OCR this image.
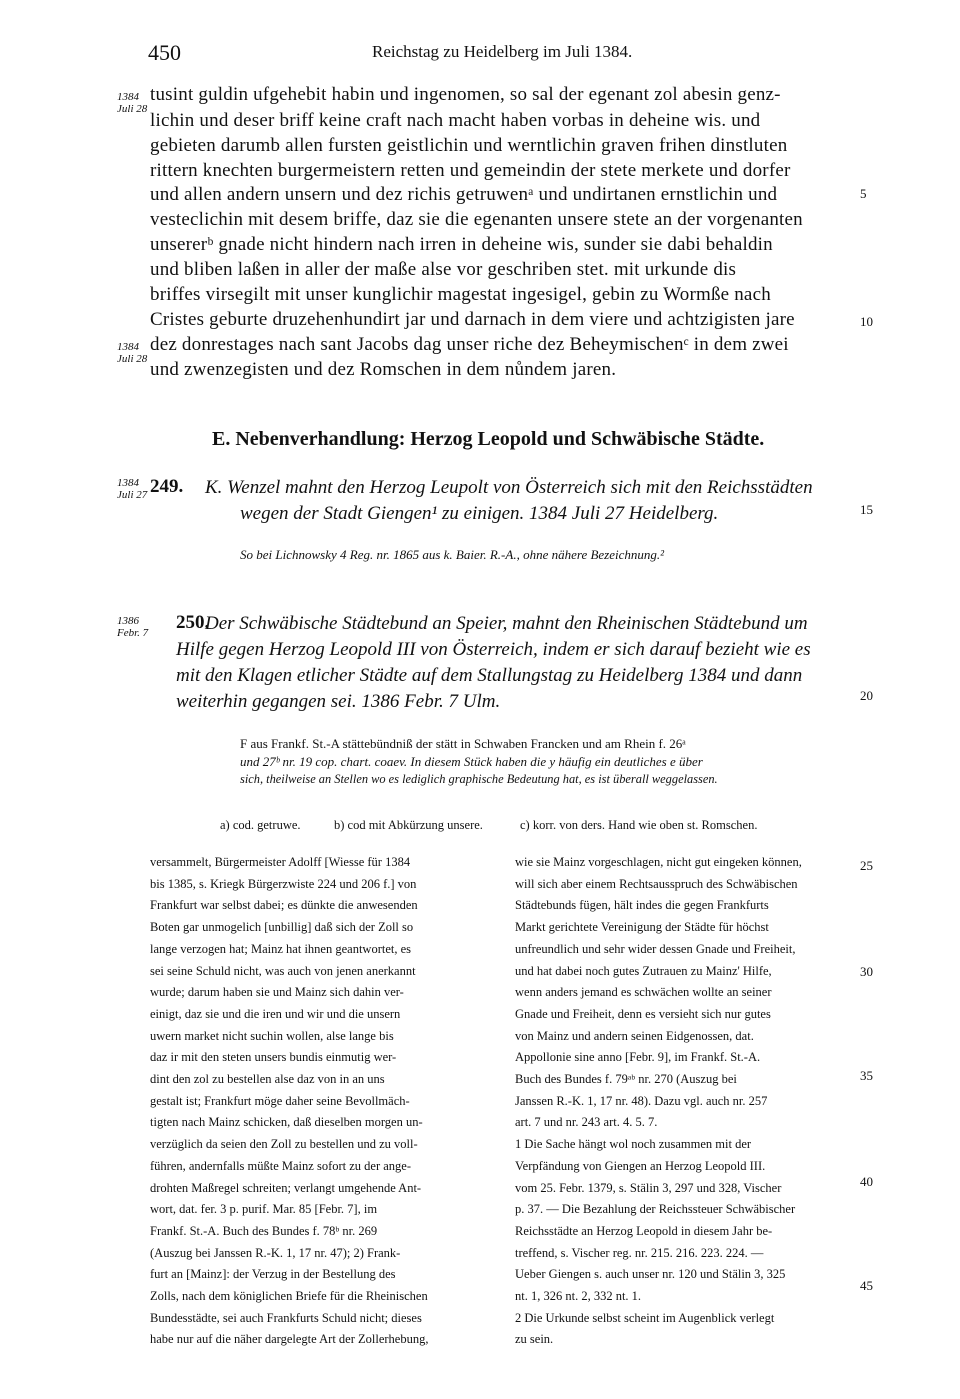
450	Reichstag zu Heidelberg im Juli 1384.
1384
Juli 28
1384
Juli 28
1384
Juli 27
1386
Febr. 7
5
10
15
20
25
30
35
40
45
tusint guldin ufgehebit habin und ingenomen, so sal der egenant zol abesin genz-
lichin und deser briff keine craft nach macht haben vorbas in deheine wis. und
gebieten darumb allen fursten geistlichin und werntlichin graven frihen dinstluten
rittern knechten burgermeistern retten und gemeindin der stete merkete und dorfer
und allen andern unsern und dez richis getruwenᵃ und undirtanen ernstlichin und
vesteclichin mit desem briffe, daz sie die egenanten unsere stete an der vorgenanten
unsererᵇ gnade nicht hindern nach irren in deheine wis, sunder sie dabi behaldin
und bliben laßen in aller der maße alse vor geschriben stet. mit urkunde dis
briffes virsegilt mit unser kunglichir magestat ingesigel, gebin zu Wormße nach
Cristes geburte druzehenhundirt jar und darnach in dem viere und achtzigisten jare
dez donrestages nach sant Jacobs dag unser riche dez Beheymischenᶜ in dem zwei
und zwenzegisten und dez Romschen in dem nůndem jaren.
E. Nebenverhandlung: Herzog Leopold und Schwäbische Städte.
249. K. Wenzel mahnt den Herzog Leupolt von Österreich sich mit den Reichsstädten
wegen der Stadt Giengen¹ zu einigen. 1384 Juli 27 Heidelberg.
So bei Lichnowsky 4 Reg. nr. 1865 aus k. Baier. R.-A., ohne nähere Bezeichnung.²
250.
Der Schwäbische Städtebund an Speier, mahnt den Rheinischen Städtebund um
Hilfe gegen Herzog Leopold III von Österreich, indem er sich darauf bezieht wie es
mit den Klagen etlicher Städte auf dem Stallungstag zu Heidelberg 1384 und dann
weiterhin gegangen sei. 1386 Febr. 7 Ulm.
F aus Frankf. St.-A stättebündniß der stätt in Schwaben Francken und am Rhein f. 26ᵃ
und 27ᵇ nr. 19 cop. chart. coaev. In diesem Stück haben die y häufig ein deutliches e über
sich, theilweise an Stellen wo es lediglich graphische Bedeutung hat, es ist überall weggelassen.
a) cod. getruwe.	b) cod mit Abkürzung unsere.	c) korr. von ders. Hand wie oben st. Romschen.
versammelt, Bürgermeister Adolff [Wiesse für 1384
bis 1385, s. Kriegk Bürgerzwiste 224 und 206 f.] von
Frankfurt war selbst dabei; es dünkte die anwesenden
Boten gar unmogelich [unbillig] daß sich der Zoll so
lange verzogen hat; Mainz hat ihnen geantwortet, es
sei seine Schuld nicht, was auch von jenen anerkannt
wurde; darum haben sie und Mainz sich dahin ver-
einigt, daz sie und die iren und wir und die unsern
uwern market nicht suchin wollen, alse lange bis
daz ir mit den steten unsers bundis einmutig wer-
dint den zol zu bestellen alse daz von in an uns
gestalt ist; Frankfurt möge daher seine Bevollmäch-
tigten nach Mainz schicken, daß dieselben morgen un-
verzüglich da seien den Zoll zu bestellen und zu voll-
führen, andernfalls müßte Mainz sofort zu der ange-
drohten Maßregel schreiten; verlangt umgehende Ant-
wort, dat. fer. 3 p. purif. Mar. 85 [Febr. 7], im
Frankf. St.-A. Buch des Bundes f. 78ᵇ nr. 269
(Auszug bei Janssen R.-K. 1, 17 nr. 47); 2) Frank-
furt an [Mainz]: der Verzug in der Bestellung des
Zolls, nach dem königlichen Briefe für die Rheinischen
Bundesstädte, sei auch Frankfurts Schuld nicht; dieses
habe nur auf die näher dargelegte Art der Zollerhebung,
wie sie Mainz vorgeschlagen, nicht gut eingeken können,
will sich aber einem Rechtsausspruch des Schwäbischen
Städtebunds fügen, hält indes die gegen Frankfurts
Markt gerichtete Vereinigung der Städte für höchst
unfreundlich und sehr wider dessen Gnade und Freiheit,
und hat dabei noch gutes Zutrauen zu Mainz' Hilfe,
wenn anders jemand es schwächen wollte an seiner
Gnade und Freiheit, denn es versieht sich nur gutes
von Mainz und andern seinen Eidgenossen, dat.
Appollonie sine anno [Febr. 9], im Frankf. St.-A.
Buch des Bundes f. 79ᵃᵇ nr. 270 (Auszug bei
Janssen R.-K. 1, 17 nr. 48). Dazu vgl. auch nr. 257
art. 7 und nr. 243 art. 4. 5. 7.
1 Die Sache hängt wol noch zusammen mit der
Verpfändung von Giengen an Herzog Leopold III.
vom 25. Febr. 1379, s. Stälin 3, 297 und 328, Vischer
p. 37. — Die Bezahlung der Reichssteuer Schwäbischer
Reichsstädte an Herzog Leopold in diesem Jahr be-
treffend, s. Vischer reg. nr. 215. 216. 223. 224. —
Ueber Giengen s. auch unser nr. 120 und Stälin 3, 325
nt. 1, 326 nt. 2, 332 nt. 1.
2 Die Urkunde selbst scheint im Augenblick verlegt
zu sein.
